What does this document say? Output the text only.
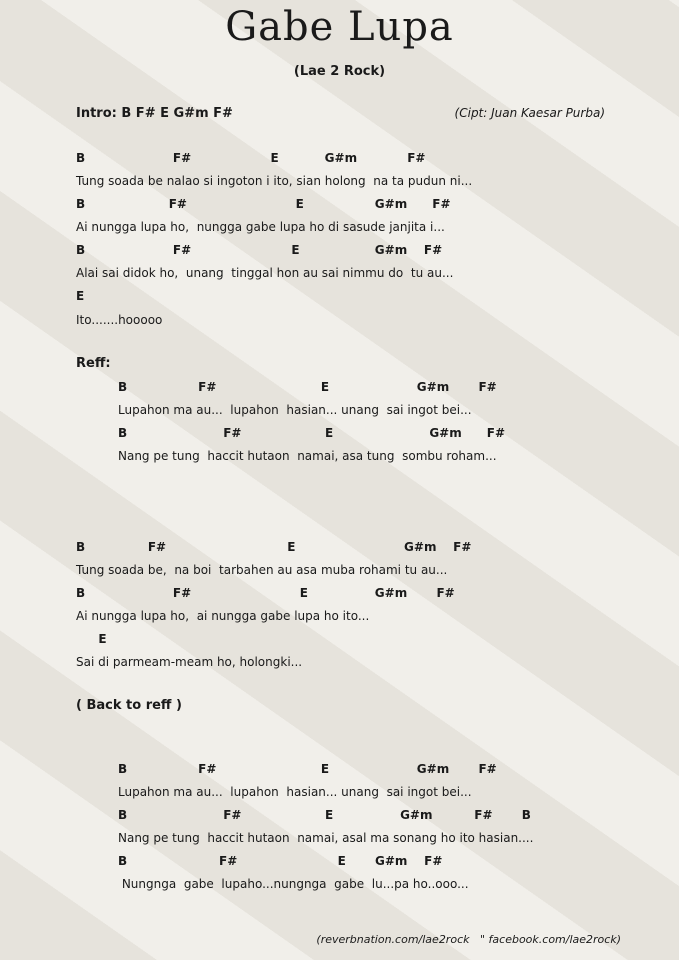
Gabe Lupa
(Lae 2 Rock)
Intro: B F# E G#m F#	(Cipt: Juan Kaesar Purba)
B                     F#                   E           G#m            F#
Tung soada be nalao si ingoton i ito, sian holong  na ta pudun ni...
B                    F#                          E                 G#m      F#
Ai nungga lupa ho,  nungga gabe lupa ho di sasude janjita i...
B                     F#                        E                  G#m    F#
Alai sai didok ho,  unang  tinggal hon au sai nimmu do  tu au...
E
Ito.......hooooo
Reff:
B                 F#                         E                     G#m       F#
Lupahon ma au...  lupahon  hasian... unang  sai ingot bei...
B                       F#                    E                       G#m      F#
Nang pe tung  haccit hutaon  namai, asa tung  sombu roham...
B               F#                             E                          G#m    F#
Tung soada be,  na boi  tarbahen au asa muba rohami tu au...
B                     F#                          E                G#m       F#
Ai nungga lupa ho,  ai nungga gabe lupa ho ito...
E
Sai di parmeam-meam ho, holongki...
( Back to reff )
B                 F#                         E                     G#m       F#
Lupahon ma au...  lupahon  hasian... unang  sai ingot bei...
B                       F#                    E                G#m          F#       B
Nang pe tung  haccit hutaon  namai, asal ma sonang ho ito hasian....
B                      F#                        E       G#m    F#
Nungnga  gabe  lupaho...nungnga  gabe  lu...pa ho..ooo...
(reverbnation.com/lae2rock   " facebook.com/lae2rock)
